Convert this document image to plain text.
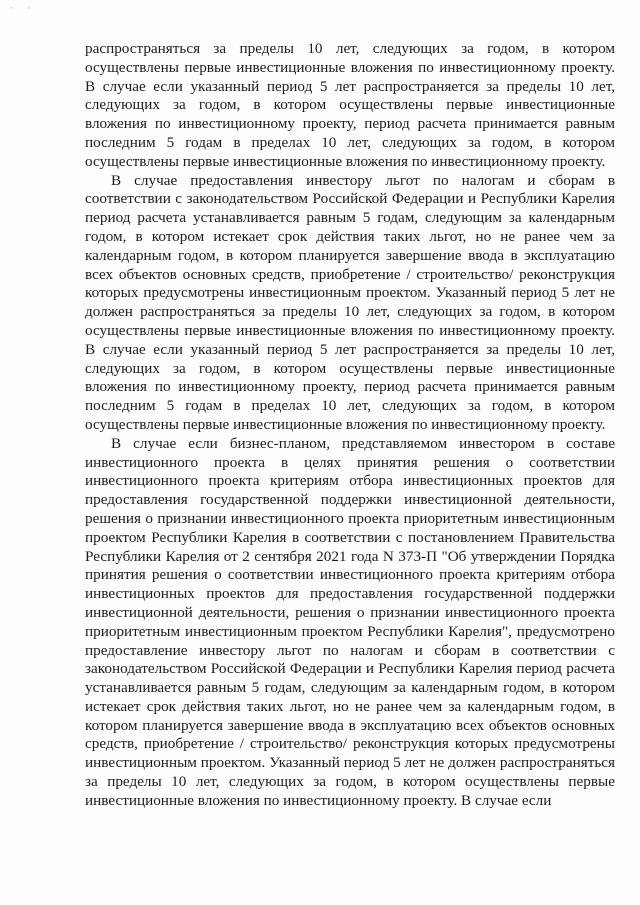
· ·

распространяться за пределы 10 лет, следующих за годом, в котором осуществлены первые инвестиционные вложения по инвестиционному проекту. В случае если указанный период 5 лет распространяется за пределы 10 лет, следующих за годом, в котором осуществлены первые инвестиционные вложения по инвестиционному проекту, период расчета принимается равным последним 5 годам в пределах 10 лет, следующих за годом, в котором осуществлены первые инвестиционные вложения по инвестиционному проекту.

В случае предоставления инвестору льгот по налогам и сборам в соответствии с законодательством Российской Федерации и Республики Карелия период расчета устанавливается равным 5 годам, следующим за календарным годом, в котором истекает срок действия таких льгот, но не ранее чем за календарным годом, в котором планируется завершение ввода в эксплуатацию всех объектов основных средств, приобретение / строительство/ реконструкция которых предусмотрены инвестиционным проектом. Указанный период 5 лет не должен распространяться за пределы 10 лет, следующих за годом, в котором осуществлены первые инвестиционные вложения по инвестиционному проекту. В случае если указанный период 5 лет распространяется за пределы 10 лет, следующих за годом, в котором осуществлены первые инвестиционные вложения по инвестиционному проекту, период расчета принимается равным последним 5 годам в пределах 10 лет, следующих за годом, в котором осуществлены первые инвестиционные вложения по инвестиционному проекту.

В случае если бизнес-планом, представляемом инвестором в составе инвестиционного проекта в целях принятия решения о соответствии инвестиционного проекта критериям отбора инвестиционных проектов для предоставления государственной поддержки инвестиционной деятельности, решения о признании инвестиционного проекта приоритетным инвестиционным проектом Республики Карелия в соответствии с постановлением Правительства Республики Карелия от 2 сентября 2021 года N 373-П "Об утверждении Порядка принятия решения о соответствии инвестиционного проекта критериям отбора инвестиционных проектов для предоставления государственной поддержки инвестиционной деятельности, решения о признании инвестиционного проекта приоритетным инвестиционным проектом Республики Карелия", предусмотрено предоставление инвестору льгот по налогам и сборам в соответствии с законодательством Российской Федерации и Республики Карелия период расчета устанавливается равным 5 годам, следующим за календарным годом, в котором истекает срок действия таких льгот, но не ранее чем за календарным годом, в котором планируется завершение ввода в эксплуатацию всех объектов основных средств, приобретение / строительство/ реконструкция которых предусмотрены инвестиционным проектом. Указанный период 5 лет не должен распространяться за пределы 10 лет, следующих за годом, в котором осуществлены первые инвестиционные вложения по инвестиционному проекту. В случае если
